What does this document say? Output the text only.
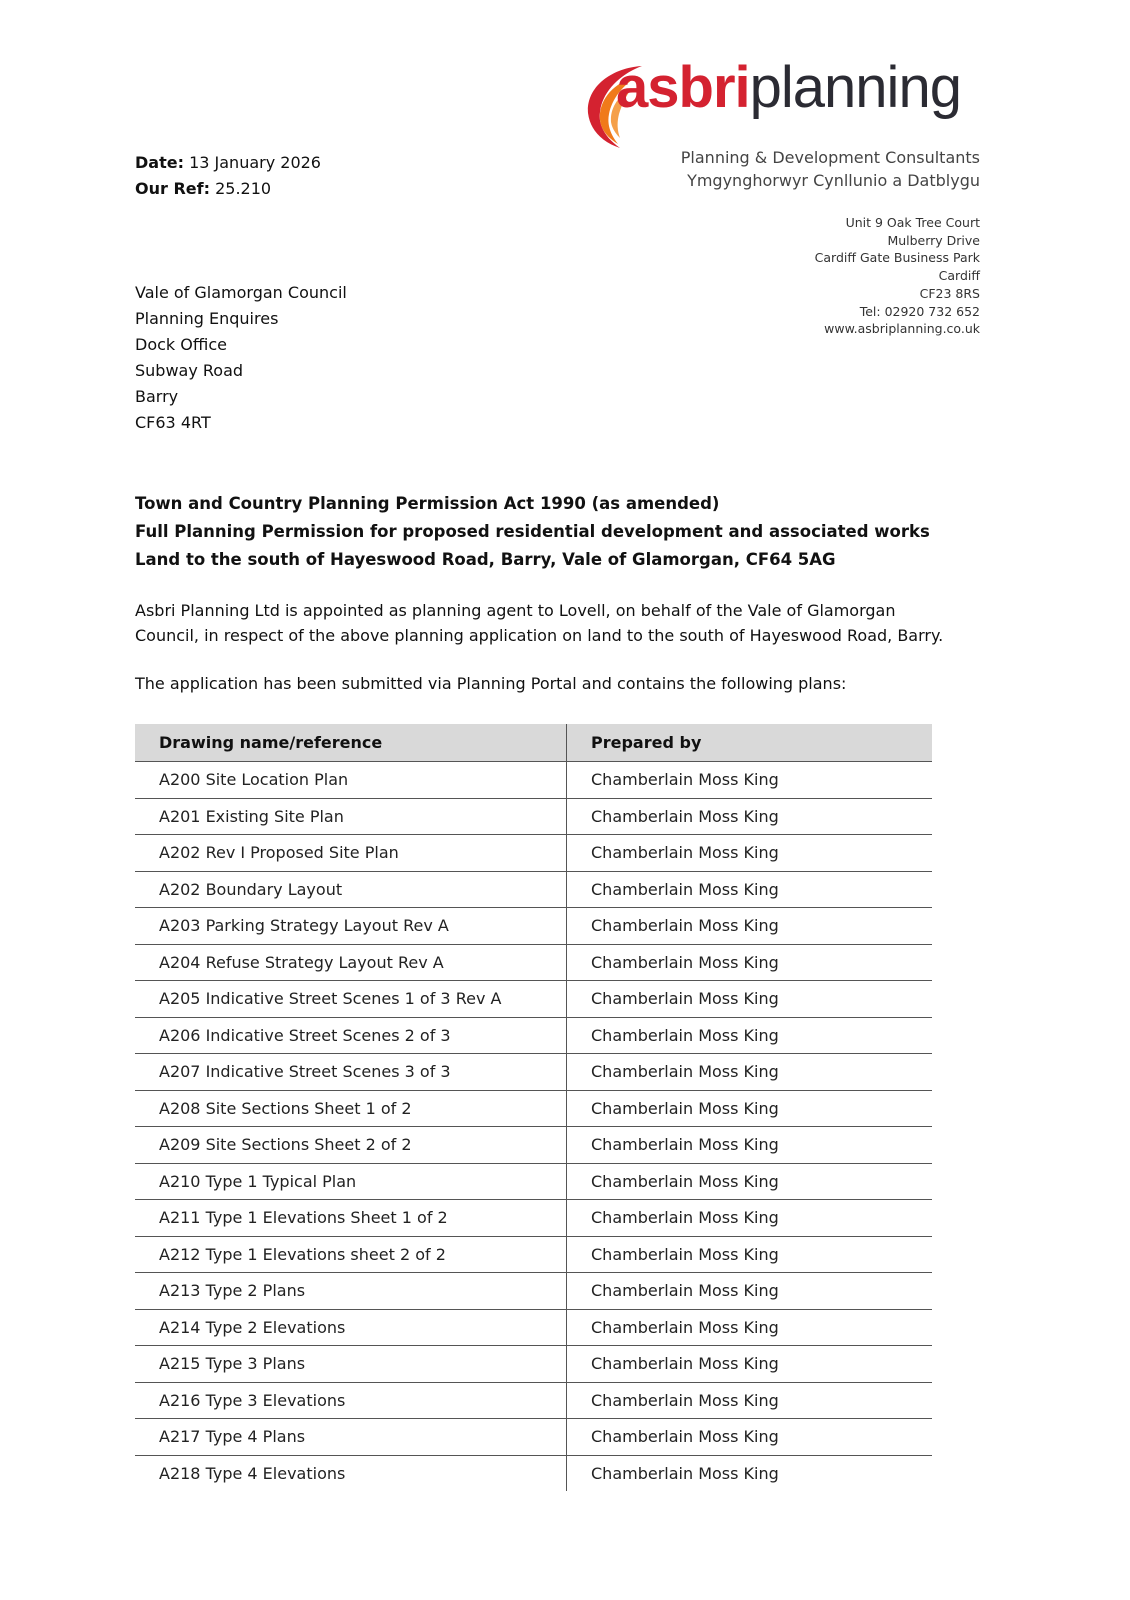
asbriplanning
Planning & Development Consultants
Ymgynghorwyr Cynllunio a Datblygu
Unit 9 Oak Tree Court
Mulberry Drive
Cardiff Gate Business Park
Cardiff
CF23 8RS
Tel: 02920 732 652
www.asbriplanning.co.uk
Date: 13 January 2026
Our Ref: 25.210
Vale of Glamorgan Council
Planning Enquires
Dock Office
Subway Road
Barry
CF63 4RT
Town and Country Planning Permission Act 1990 (as amended)
Full Planning Permission for proposed residential development and associated works
Land to the south of Hayeswood Road, Barry, Vale of Glamorgan, CF64 5AG
Asbri Planning Ltd is appointed as planning agent to Lovell, on behalf of the Vale of Glamorgan Council, in respect of the above planning application on land to the south of Hayeswood Road, Barry.
The application has been submitted via Planning Portal and contains the following plans:
Drawing name/reference	Prepared by
A200 Site Location Plan	Chamberlain Moss King
A201 Existing Site Plan	Chamberlain Moss King
A202 Rev I Proposed Site Plan	Chamberlain Moss King
A202 Boundary Layout	Chamberlain Moss King
A203 Parking Strategy Layout Rev A	Chamberlain Moss King
A204 Refuse Strategy Layout Rev A	Chamberlain Moss King
A205 Indicative Street Scenes 1 of 3 Rev A	Chamberlain Moss King
A206 Indicative Street Scenes 2 of 3	Chamberlain Moss King
A207 Indicative Street Scenes 3 of 3	Chamberlain Moss King
A208 Site Sections Sheet 1 of 2	Chamberlain Moss King
A209 Site Sections Sheet 2 of 2	Chamberlain Moss King
A210 Type 1 Typical Plan	Chamberlain Moss King
A211 Type 1 Elevations Sheet 1 of 2	Chamberlain Moss King
A212 Type 1 Elevations sheet 2 of 2	Chamberlain Moss King
A213 Type 2 Plans	Chamberlain Moss King
A214 Type 2 Elevations	Chamberlain Moss King
A215 Type 3 Plans	Chamberlain Moss King
A216 Type 3 Elevations	Chamberlain Moss King
A217 Type 4 Plans	Chamberlain Moss King
A218 Type 4 Elevations	Chamberlain Moss King
